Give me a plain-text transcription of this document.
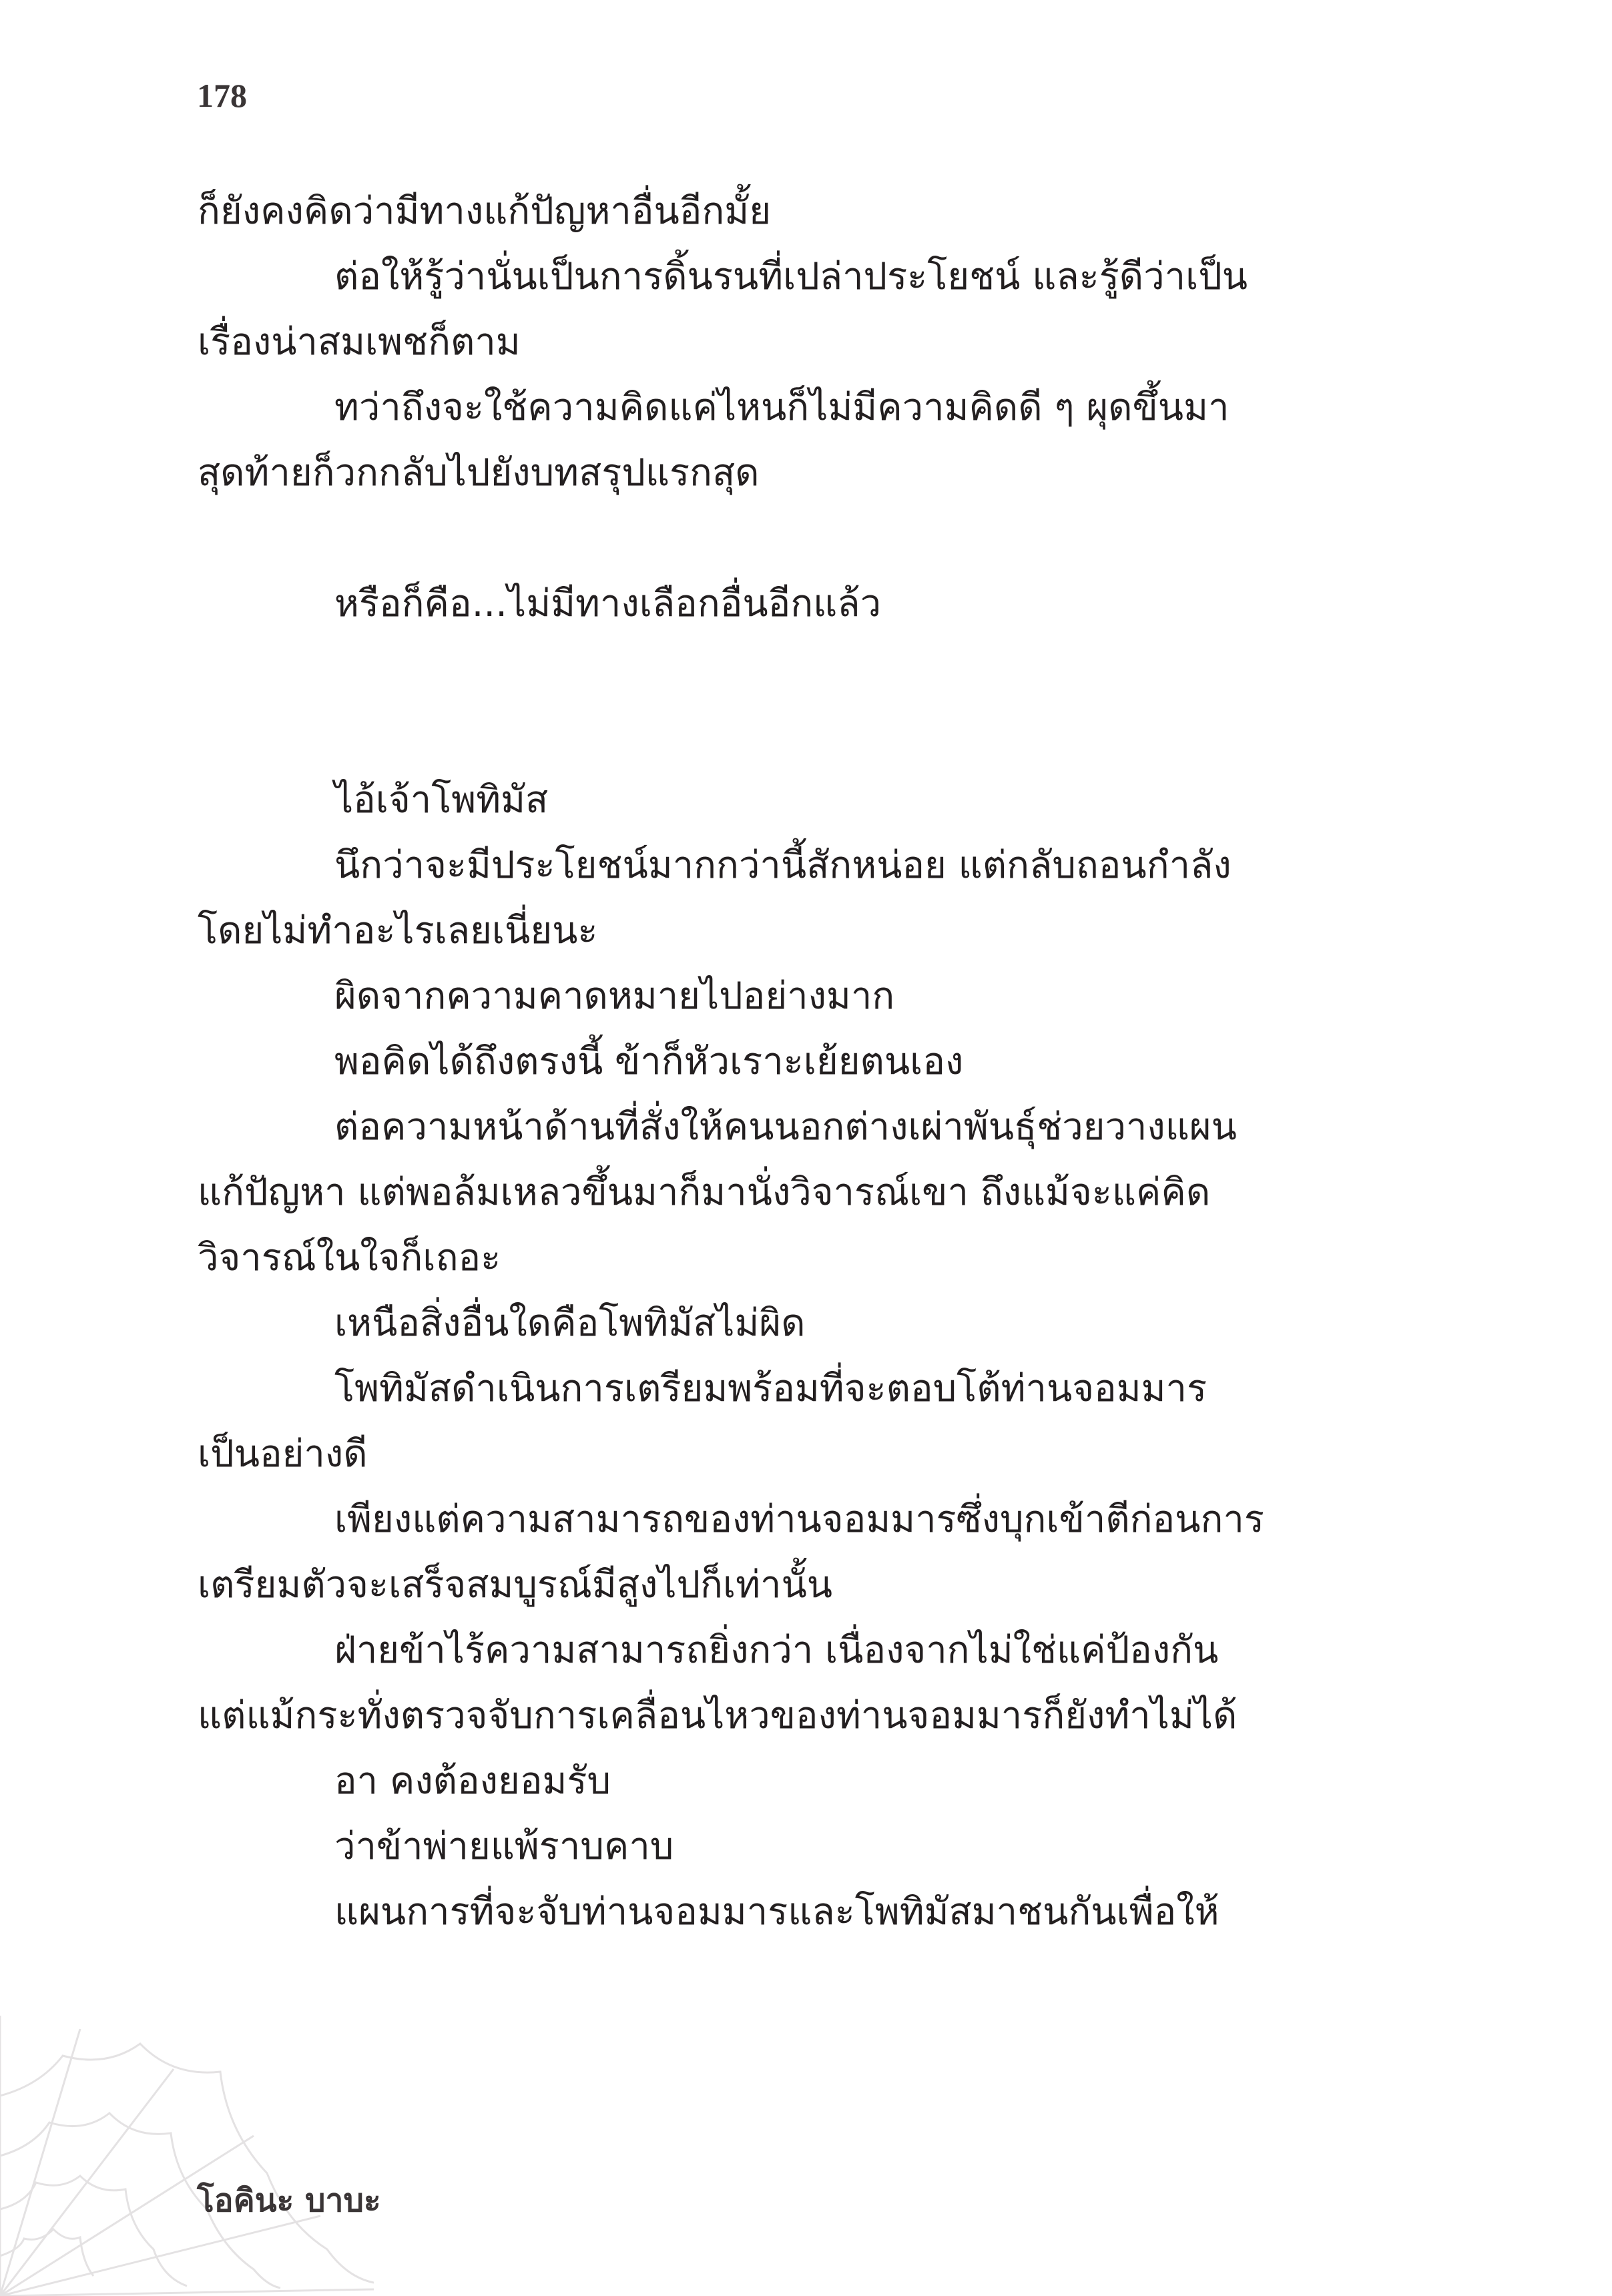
178
ก็ยังคงคิดว่ามีทางแก้ปัญหาอื่นอีกมั้ย
ต่อให้รู้ว่านั่นเป็นการดิ้นรนที่เปล่าประโยชน์ และรู้ดีว่าเป็น
เรื่องน่าสมเพชก็ตาม
ทว่าถึงจะใช้ความคิดแค่ไหนก็ไม่มีความคิดดี ๆ ผุดขึ้นมา
สุดท้ายก็วกกลับไปยังบทสรุปแรกสุด
หรือก็คือ...ไม่มีทางเลือกอื่นอีกแล้ว
ไอ้เจ้าโพทิมัส
นึกว่าจะมีประโยชน์มากกว่านี้สักหน่อย แต่กลับถอนกำลัง
โดยไม่ทำอะไรเลยเนี่ยนะ
ผิดจากความคาดหมายไปอย่างมาก
พอคิดได้ถึงตรงนี้ ข้าก็หัวเราะเย้ยตนเอง
ต่อความหน้าด้านที่สั่งให้คนนอกต่างเผ่าพันธุ์ช่วยวางแผน
แก้ปัญหา แต่พอล้มเหลวขึ้นมาก็มานั่งวิจารณ์เขา ถึงแม้จะแค่คิด
วิจารณ์ในใจก็เถอะ
เหนือสิ่งอื่นใดคือโพทิมัสไม่ผิด
โพทิมัสดำเนินการเตรียมพร้อมที่จะตอบโต้ท่านจอมมาร
เป็นอย่างดี
เพียงแต่ความสามารถของท่านจอมมารซึ่งบุกเข้าตีก่อนการ
เตรียมตัวจะเสร็จสมบูรณ์มีสูงไปก็เท่านั้น
ฝ่ายข้าไร้ความสามารถยิ่งกว่า เนื่องจากไม่ใช่แค่ป้องกัน
แต่แม้กระทั่งตรวจจับการเคลื่อนไหวของท่านจอมมารก็ยังทำไม่ได้
อา คงต้องยอมรับ
ว่าข้าพ่ายแพ้ราบคาบ
แผนการที่จะจับท่านจอมมารและโพทิมัสมาชนกันเพื่อให้
โอคินะ บาบะ
